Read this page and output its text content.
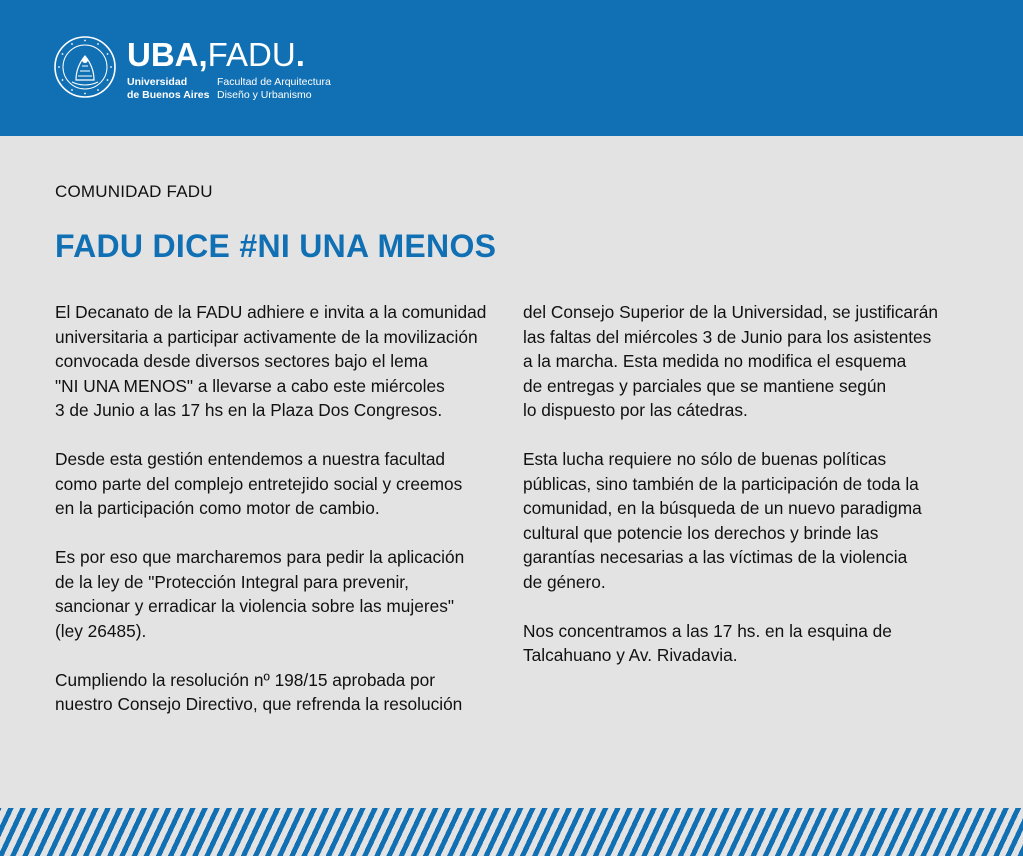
UBA,FADU.
Universidad
de Buenos Aires
Facultad de Arquitectura
Diseño y Urbanismo
COMUNIDAD FADU
FADU DICE #NI UNA MENOS

El Decanato de la FADU adhiere e invita a la comunidad
universitaria a participar activamente de la movilización
convocada desde diversos sectores bajo el lema
"NI UNA MENOS" a llevarse a cabo este miércoles
3 de Junio a las 17 hs en la Plaza Dos Congresos.

Desde esta gestión entendemos a nuestra facultad
como parte del complejo entretejido social y creemos
en la participación como motor de cambio.

Es por eso que marcharemos para pedir la aplicación
de la ley de "Protección Integral para prevenir,
sancionar y erradicar la violencia sobre las mujeres"
(ley 26485).

Cumpliendo la resolución nº 198/15 aprobada por
nuestro Consejo Directivo, que refrenda la resolución

del Consejo Superior de la Universidad, se justificarán
las faltas del miércoles 3 de Junio para los asistentes
a la marcha. Esta medida no modifica el esquema
de entregas y parciales que se mantiene según
lo dispuesto por las cátedras.

Esta lucha requiere no sólo de buenas políticas
públicas, sino también de la participación de toda la
comunidad, en la búsqueda de un nuevo paradigma
cultural que potencie los derechos y brinde las
garantías necesarias a las víctimas de la violencia
de género.

Nos concentramos a las 17 hs. en la esquina de
Talcahuano y Av. Rivadavia.
